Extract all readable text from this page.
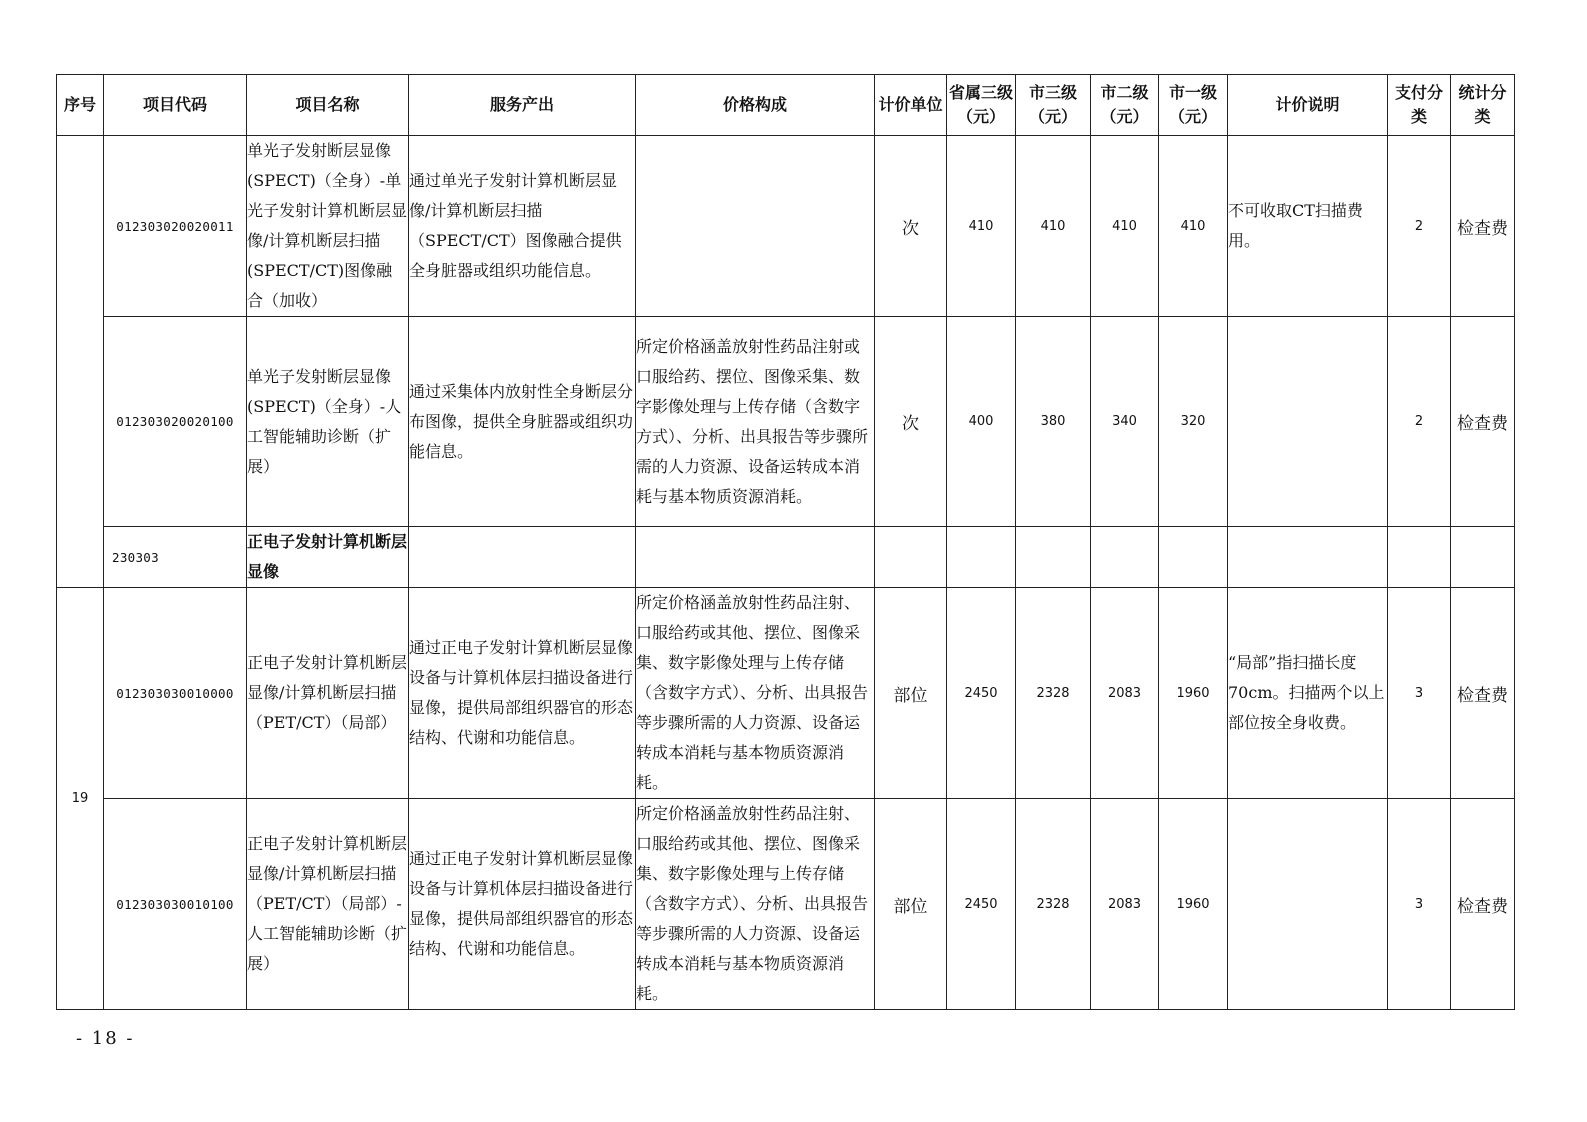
序号	项目代码	项目名称	服务产出	价格构成	计价单位	省属三级（元）	市三级（元）	市二级（元）	市一级（元）	计价说明	支付分类	统计分类
	012303020020011	单光子发射断层显像(SPECT)（全身）-单光子发射计算机断层显像/计算机断层扫描(SPECT/CT)图像融合（加收）	通过单光子发射计算机断层显像/计算机断层扫描（SPECT/CT）图像融合提供全身脏器或组织功能信息。		次	410	410	410	410	不可收取CT扫描费用。	2	检查费
	012303020020100	单光子发射断层显像(SPECT)（全身）-人工智能辅助诊断（扩展）	通过采集体内放射性全身断层分布图像，提供全身脏器或组织功能信息。	所定价格涵盖放射性药品注射或口服给药、摆位、图像采集、数字影像处理与上传存储（含数字方式）、分析、出具报告等步骤所需的人力资源、设备运转成本消耗与基本物质资源消耗。	次	400	380	340	320		2	检查费
	230303	正电子发射计算机断层显像										
19	012303030010000	正电子发射计算机断层显像/计算机断层扫描（PET/CT）（局部）	通过正电子发射计算机断层显像设备与计算机体层扫描设备进行显像，提供局部组织器官的形态结构、代谢和功能信息。	所定价格涵盖放射性药品注射、口服给药或其他、摆位、图像采集、数字影像处理与上传存储（含数字方式）、分析、出具报告等步骤所需的人力资源、设备运转成本消耗与基本物质资源消耗。	部位	2450	2328	2083	1960	“局部”指扫描长度70cm。扫描两个以上部位按全身收费。	3	检查费
	012303030010100	正电子发射计算机断层显像/计算机断层扫描（PET/CT）（局部）-人工智能辅助诊断（扩展）	通过正电子发射计算机断层显像设备与计算机体层扫描设备进行显像，提供局部组织器官的形态结构、代谢和功能信息。	所定价格涵盖放射性药品注射、口服给药或其他、摆位、图像采集、数字影像处理与上传存储（含数字方式）、分析、出具报告等步骤所需的人力资源、设备运转成本消耗与基本物质资源消耗。	部位	2450	2328	2083	1960		3	检查费
- 18 -
